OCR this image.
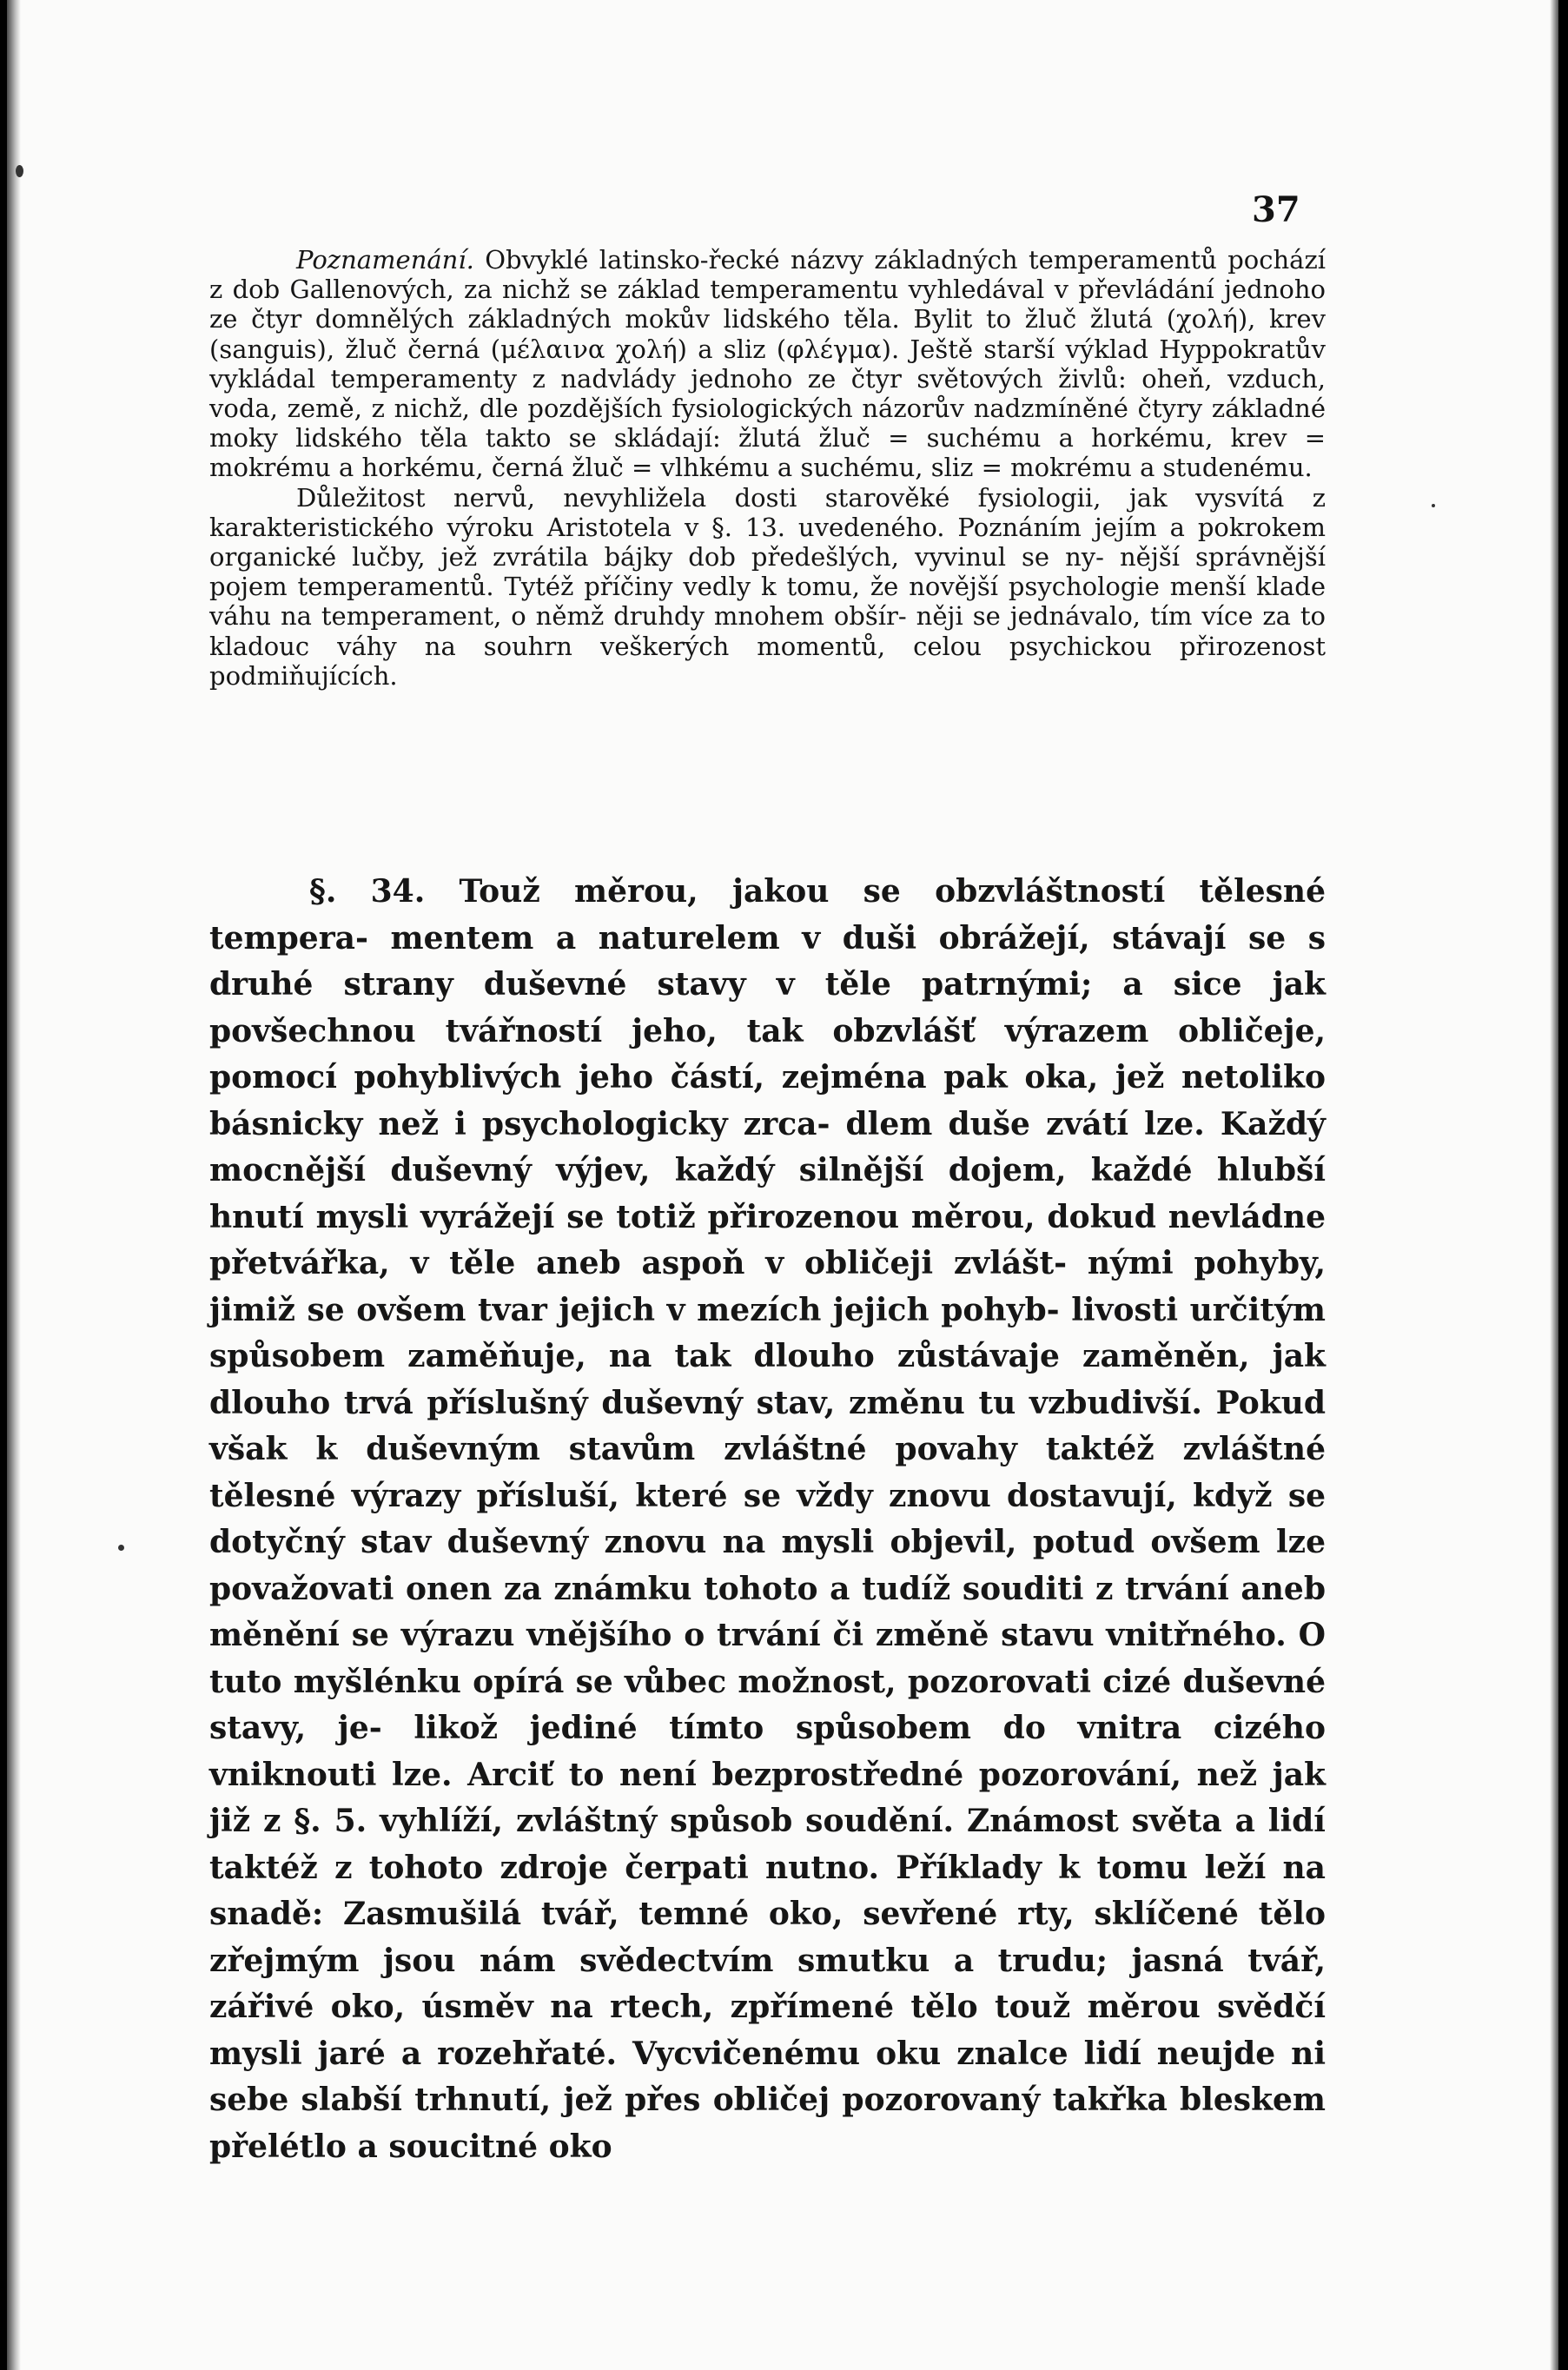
37

Poznamenání. Obvyklé latinsko-řecké názvy základných temperamentů pochází z dob Gallenových, za nichž se základ temperamentu vyhledával v převládání jednoho ze čtyr domnělých základných mokův lidského těla. Bylit to žluč žlutá (χολή), krev (sanguis), žluč černá (μέλαινα χολή) a sliz (φλέγμα). Ještě starší výklad Hyppokratův vykládal temperamenty z nadvlády jednoho ze čtyr světových živlů: oheň, vzduch, voda, země, z nichž, dle pozdějších fysiologických názorův nadzmíněné čtyry základné moky lidského těla takto se skládají: žlutá žluč = suchému a horkému, krev = mokrému a horkému, černá žluč = vlhkému a suchému, sliz = mokrému a studenému.

Důležitost nervů, nevyhližela dosti starověké fysiologii, jak vysvítá z karakteristického výroku Aristotela v §. 13. uvedeného. Poznáním jejím a pokrokem organické lučby, jež zvrátila bájky dob předešlých, vyvinul se ny- nější správnější pojem temperamentů. Tytéž příčiny vedly k tomu, že novější psychologie menší klade váhu na temperament, o němž druhdy mnohem obšír- něji se jednávalo, tím více za to kladouc váhy na souhrn veškerých momentů, celou psychickou přirozenost podmiňujících.

§. 34. Touž měrou, jakou se obzvláštností tělesné tempera- mentem a naturelem v duši obrážejí, stávají se s druhé strany duševné stavy v těle patrnými; a sice jak povšechnou tvářností jeho, tak obzvlášť výrazem obličeje, pomocí pohyblivých jeho částí, zejména pak oka, jež netoliko básnicky než i psychologicky zrca- dlem duše zvátí lze. Každý mocnější duševný výjev, každý silnější dojem, každé hlubší hnutí mysli vyrážejí se totiž přirozenou měrou, dokud nevládne přetvářka, v těle aneb aspoň v obličeji zvlášt- nými pohyby, jimiž se ovšem tvar jejich v mezích jejich pohyb- livosti určitým spůsobem zaměňuje, na tak dlouho zůstávaje zaměněn, jak dlouho trvá příslušný duševný stav, změnu tu vzbudivší. Pokud však k duševným stavům zvláštné povahy taktéž zvláštné tělesné výrazy přísluší, které se vždy znovu dostavují, když se dotyčný stav duševný znovu na mysli objevil, potud ovšem lze považovati onen za známku tohoto a tudíž souditi z trvání aneb měnění se výrazu vnějšího o trvání či změně stavu vnitřného. O tuto myšlénku opírá se vůbec možnost, pozorovati cizé duševné stavy, je- likož jediné tímto spůsobem do vnitra cizého vniknouti lze. Arciť to není bezprostředné pozorování, než jak již z §. 5. vyhlíží, zvláštný spůsob soudění. Známost světa a lidí taktéž z tohoto zdroje čerpati nutno. Příklady k tomu leží na snadě: Zasmušilá tvář, temné oko, sevřené rty, sklíčené tělo zřejmým jsou nám svědectvím smutku a trudu; jasná tvář, zářivé oko, úsměv na rtech, zpřímené tělo touž měrou svědčí mysli jaré a rozehřaté. Vycvičenému oku znalce lidí neujde ni sebe slabší trhnutí, jež přes obličej pozorovaný takřka bleskem přelétlo a soucitné oko
